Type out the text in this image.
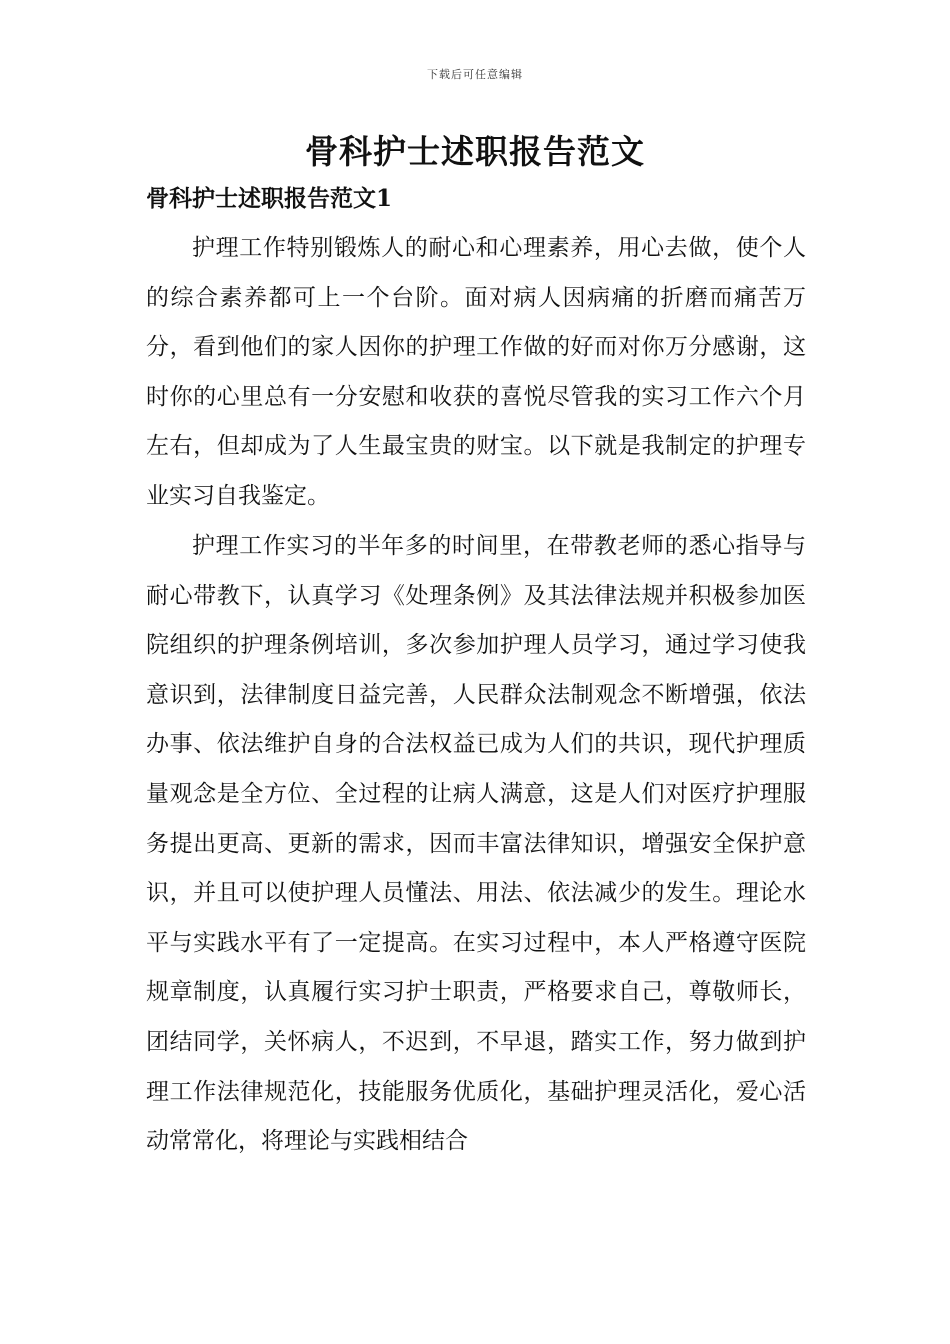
下载后可任意编辑
骨科护士述职报告范文
骨科护士述职报告范文1

护理工作特别锻炼人的耐心和心理素养，用心去做，使个人的综合素养都可上一个台阶。面对病人因病痛的折磨而痛苦万分，看到他们的家人因你的护理工作做的好而对你万分感谢，这时你的心里总有一分安慰和收获的喜悦尽管我的实习工作六个月左右，但却成为了人生最宝贵的财宝。以下就是我制定的护理专业实习自我鉴定。

护理工作实习的半年多的时间里，在带教老师的悉心指导与耐心带教下，认真学习《处理条例》及其法律法规并积极参加医院组织的护理条例培训，多次参加护理人员学习，通过学习使我意识到，法律制度日益完善，人民群众法制观念不断增强，依法办事、依法维护自身的合法权益已成为人们的共识，现代护理质量观念是全方位、全过程的让病人满意，这是人们对医疗护理服务提出更高、更新的需求，因而丰富法律知识，增强安全保护意识，并且可以使护理人员懂法、用法、依法减少的发生。理论水平与实践水平有了一定提高。在实习过程中，本人严格遵守医院规章制度，认真履行实习护士职责，严格要求自己，尊敬师长，团结同学，关怀病人，不迟到，不早退，踏实工作，努力做到护理工作法律规范化，技能服务优质化，基础护理灵活化，爱心活动常常化，将理论与实践相结合
